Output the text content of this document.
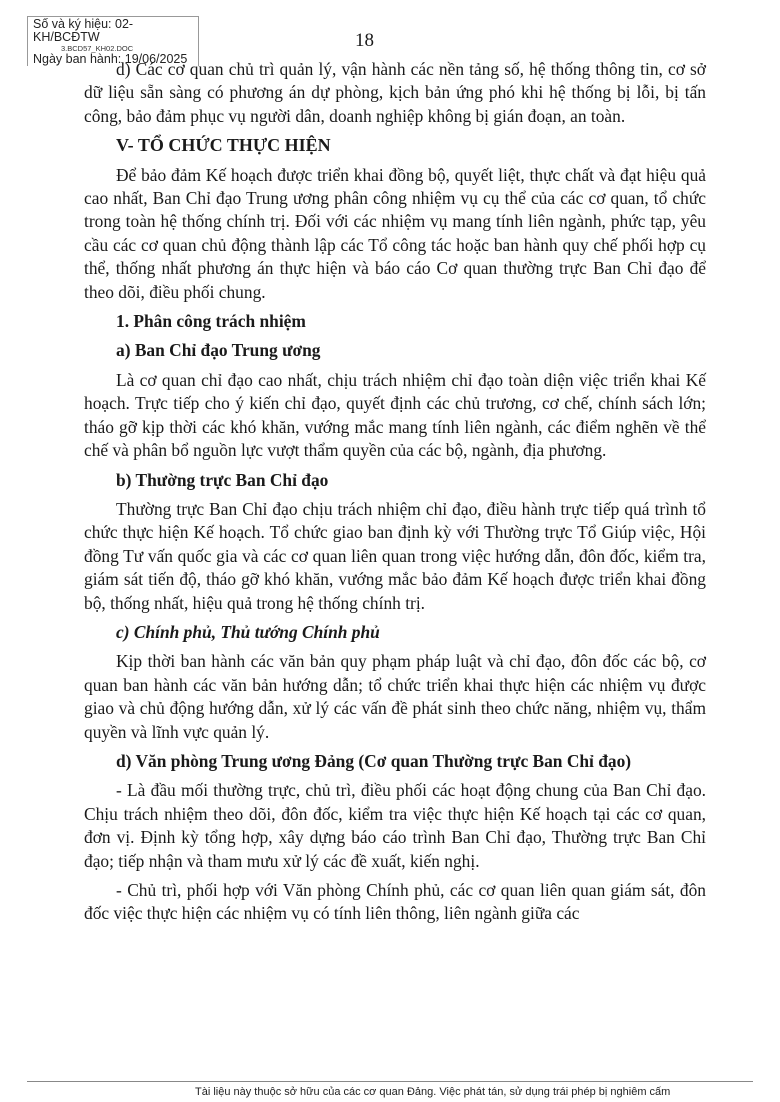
Số và ký hiệu: 02-KH/BCĐTW
3.BCD57_KH02.DOC
Ngày ban hành: 19/06/2025
18

d) Các cơ quan chủ trì quản lý, vận hành các nền tảng số, hệ thống thông tin, cơ sở dữ liệu sẵn sàng có phương án dự phòng, kịch bản ứng phó khi hệ thống bị lỗi, bị tấn công, bảo đảm phục vụ người dân, doanh nghiệp không bị gián đoạn, an toàn.

V- TỔ CHỨC THỰC HIỆN

Để bảo đảm Kế hoạch được triển khai đồng bộ, quyết liệt, thực chất và đạt hiệu quả cao nhất, Ban Chỉ đạo Trung ương phân công nhiệm vụ cụ thể của các cơ quan, tổ chức trong toàn hệ thống chính trị. Đối với các nhiệm vụ mang tính liên ngành, phức tạp, yêu cầu các cơ quan chủ động thành lập các Tổ công tác hoặc ban hành quy chế phối hợp cụ thể, thống nhất phương án thực hiện và báo cáo Cơ quan thường trực Ban Chỉ đạo để theo dõi, điều phối chung.

1. Phân công trách nhiệm
a) Ban Chỉ đạo Trung ương

Là cơ quan chỉ đạo cao nhất, chịu trách nhiệm chỉ đạo toàn diện việc triển khai Kế hoạch. Trực tiếp cho ý kiến chỉ đạo, quyết định các chủ trương, cơ chế, chính sách lớn; tháo gỡ kịp thời các khó khăn, vướng mắc mang tính liên ngành, các điểm nghẽn về thể chế và phân bổ nguồn lực vượt thẩm quyền của các bộ, ngành, địa phương.

b) Thường trực Ban Chỉ đạo

Thường trực Ban Chỉ đạo chịu trách nhiệm chỉ đạo, điều hành trực tiếp quá trình tổ chức thực hiện Kế hoạch. Tổ chức giao ban định kỳ với Thường trực Tổ Giúp việc, Hội đồng Tư vấn quốc gia và các cơ quan liên quan trong việc hướng dẫn, đôn đốc, kiểm tra, giám sát tiến độ, tháo gỡ khó khăn, vướng mắc bảo đảm Kế hoạch được triển khai đồng bộ, thống nhất, hiệu quả trong hệ thống chính trị.

c) Chính phủ, Thủ tướng Chính phủ

Kịp thời ban hành các văn bản quy phạm pháp luật và chỉ đạo, đôn đốc các bộ, cơ quan ban hành các văn bản hướng dẫn; tổ chức triển khai thực hiện các nhiệm vụ được giao và chủ động hướng dẫn, xử lý các vấn đề phát sinh theo chức năng, nhiệm vụ, thẩm quyền và lĩnh vực quản lý.

d) Văn phòng Trung ương Đảng (Cơ quan Thường trực Ban Chỉ đạo)

- Là đầu mối thường trực, chủ trì, điều phối các hoạt động chung của Ban Chỉ đạo. Chịu trách nhiệm theo dõi, đôn đốc, kiểm tra việc thực hiện Kế hoạch tại các cơ quan, đơn vị. Định kỳ tổng hợp, xây dựng báo cáo trình Ban Chỉ đạo, Thường trực Ban Chỉ đạo; tiếp nhận và tham mưu xử lý các đề xuất, kiến nghị.

- Chủ trì, phối hợp với Văn phòng Chính phủ, các cơ quan liên quan giám sát, đôn đốc việc thực hiện các nhiệm vụ có tính liên thông, liên ngành giữa các

Tài liệu này thuộc sở hữu của các cơ quan Đảng. Việc phát tán, sử dụng trái phép bị nghiêm cấm
